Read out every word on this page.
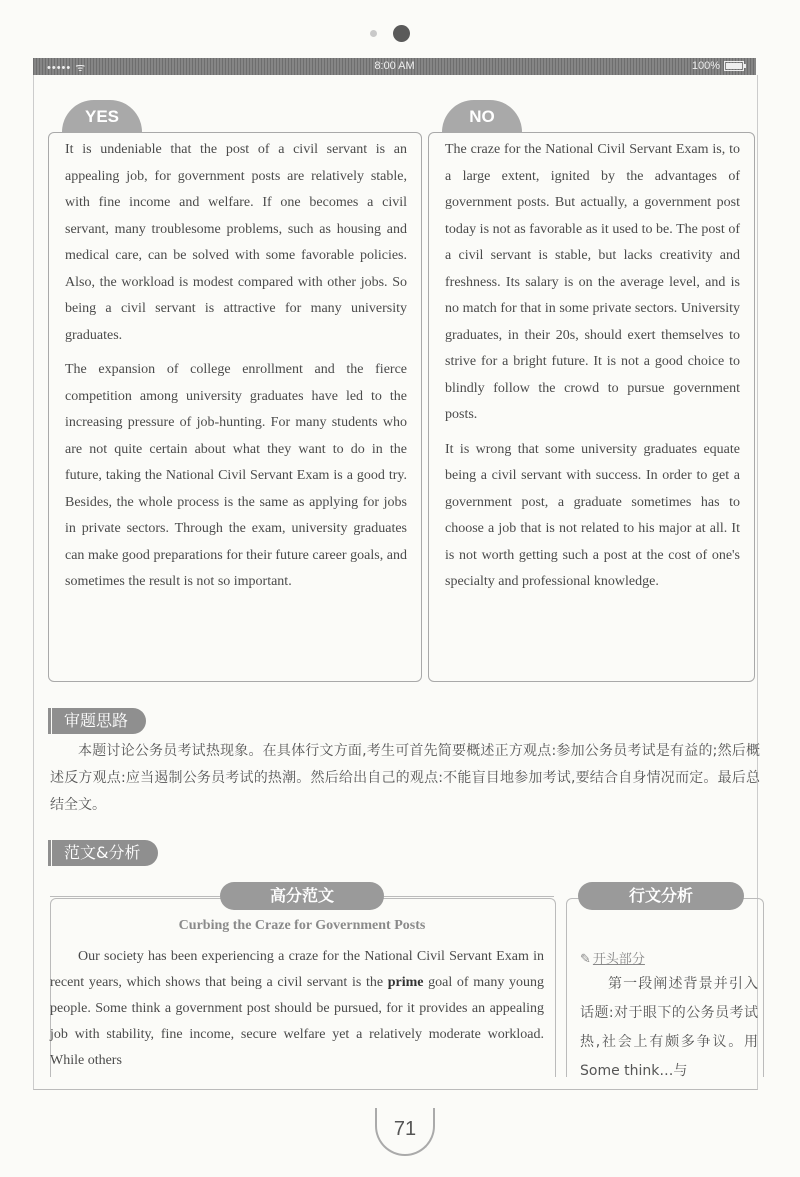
••••• ᯤ	8:00 AM	100%
YES

It is undeniable that the post of a civil servant is an appealing job, for government posts are relatively stable, with fine income and welfare. If one becomes a civil servant, many troublesome problems, such as housing and medical care, can be solved with some favorable policies. Also, the workload is modest compared with other jobs. So being a civil servant is attractive for many university graduates.

The expansion of college enrollment and the fierce competition among university graduates have led to the increasing pressure of job-hunting. For many students who are not quite certain about what they want to do in the future, taking the National Civil Servant Exam is a good try. Besides, the whole process is the same as applying for jobs in private sectors. Through the exam, university graduates can make good preparations for their future career goals, and sometimes the result is not so important.

NO

The craze for the National Civil Servant Exam is, to a large extent, ignited by the advantages of government posts. But actually, a government post today is not as favorable as it used to be. The post of a civil servant is stable, but lacks creativity and freshness. Its salary is on the average level, and is no match for that in some private sectors. University graduates, in their 20s, should exert themselves to strive for a bright future. It is not a good choice to blindly follow the crowd to pursue government posts.

It is wrong that some university graduates equate being a civil servant with success. In order to get a government post, a graduate sometimes has to choose a job that is not related to his major at all. It is not worth getting such a post at the cost of one's specialty and professional knowledge.

审题思路
本题讨论公务员考试热现象。在具体行文方面,考生可首先简要概述正方观点:参加公务员考试是有益的;然后概述反方观点:应当遏制公务员考试的热潮。然后给出自己的观点:不能盲目地参加考试,要结合自身情况而定。最后总结全文。
范文&分析
高分范文
Curbing the Craze for Government Posts
Our society has been experiencing a craze for the National Civil Servant Exam in recent years, which shows that being a civil servant is the prime goal of many young people. Some think a government post should be pursued, for it provides an appealing job with stability, fine income, secure welfare yet a relatively moderate workload. While others
行文分析
✎ 开头部分
第一段阐述背景并引入话题:对于眼下的公务员考试热,社会上有颇多争议。用 Some think…与
71
